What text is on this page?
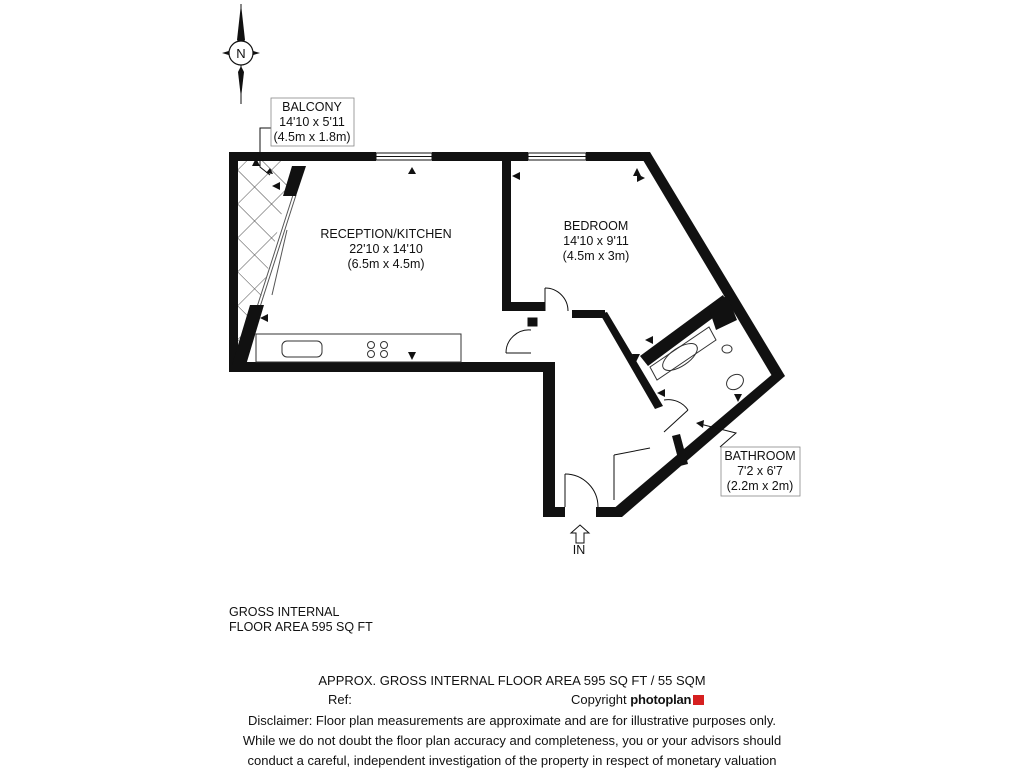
N
IN
BALCONY
14'10 x 5'11
(4.5m x 1.8m)
RECEPTION/KITCHEN
22'10 x 14'10
(6.5m x 4.5m)
BEDROOM
14'10 x 9'11
(4.5m x 3m)
BATHROOM
7'2 x 6'7
(2.2m x 2m)
GROSS INTERNAL
FLOOR AREA 595 SQ FT
APPROX. GROSS INTERNAL FLOOR AREA 595 SQ FT / 55 SQM
Ref:	Copyright photoplan
Disclaimer: Floor plan measurements are approximate and are for illustrative purposes only.
While we do not doubt the floor plan accuracy and completeness, you or your advisors should
conduct a careful, independent investigation of the property in respect of monetary valuation
